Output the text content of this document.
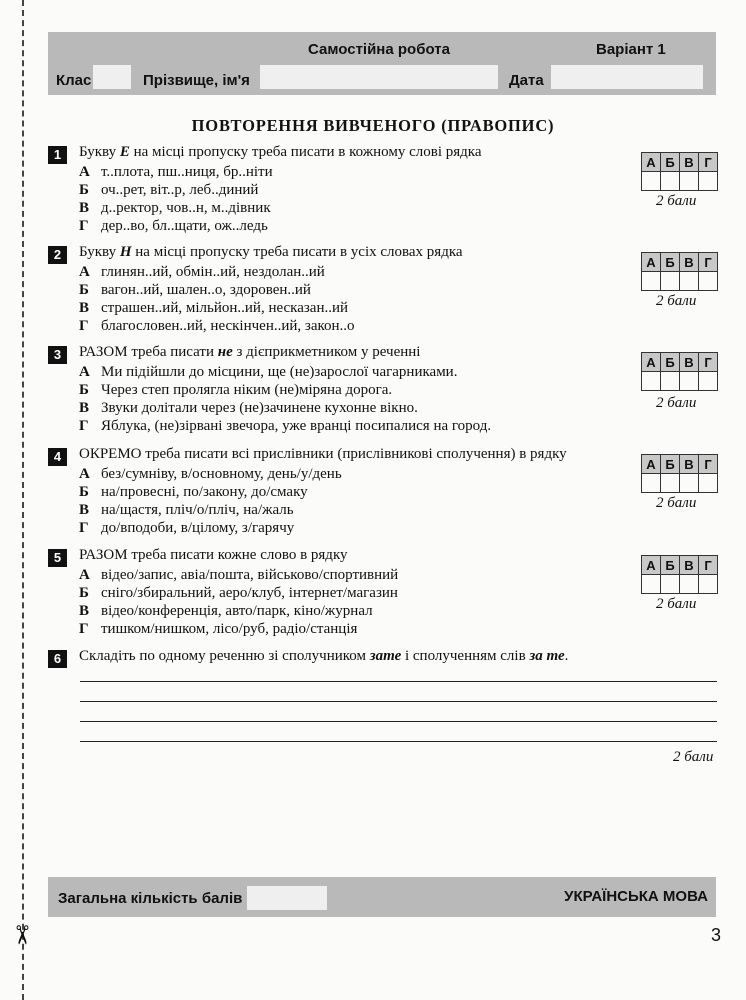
✂
Самостійна робота	Варіант 1
Клас	Прізвище, ім'я	Дата
ПОВТОРЕННЯ ВИВЧЕНОГО (ПРАВОПИС)
1	Букву Е на місці пропуску треба писати в кожному слові рядка
А т..плота, пш..ниця, бр..ніти
Б оч..рет, віт..р, леб..диний
В д..ректор, чов..н, м..дівник
Г дер..во, бл..щати, ож..ледь
А	Б	В	Г

2 бали
2	Букву Н на місці пропуску треба писати в усіх словах рядка
А глинян..ий, обмін..ий, нездолан..ий
Б вагон..ий, шален..о, здоровен..ий
В страшен..ий, мільйон..ий, несказан..ий
Г благословен..ий, нескінчен..ий, закон..о
А	Б	В	Г

2 бали
3	РАЗОМ треба писати не з дієприкметником у реченні
А Ми підійшли до місцини, ще (не)зарослої чагарниками.
Б Через степ пролягла ніким (не)міряна дорога.
В Звуки долітали через (не)зачинене кухонне вікно.
Г Яблука, (не)зірвані звечора, уже вранці посипалися на город.
А	Б	В	Г

2 бали
4	ОКРЕМО треба писати всі прислівники (прислівникові сполучення) в рядку
А без/сумніву, в/основному, день/у/день
Б на/провесні, по/закону, до/смаку
В на/щастя, пліч/о/пліч, на/жаль
Г до/вподоби, в/цілому, з/гарячу
А	Б	В	Г

2 бали
5	РАЗОМ треба писати кожне слово в рядку
А відео/запис, авіа/пошта, військово/спортивний
Б сніго/збиральний, аеро/клуб, інтернет/магазин
В відео/конференція, авто/парк, кіно/журнал
Г тишком/нишком, лісо/руб, радіо/станція
А	Б	В	Г

2 бали
6	Складіть по одному реченню зі сполучником зате і сполученням слів за те.
2 бали
Загальна кількість балів	УКРАЇНСЬКА МОВА
3
